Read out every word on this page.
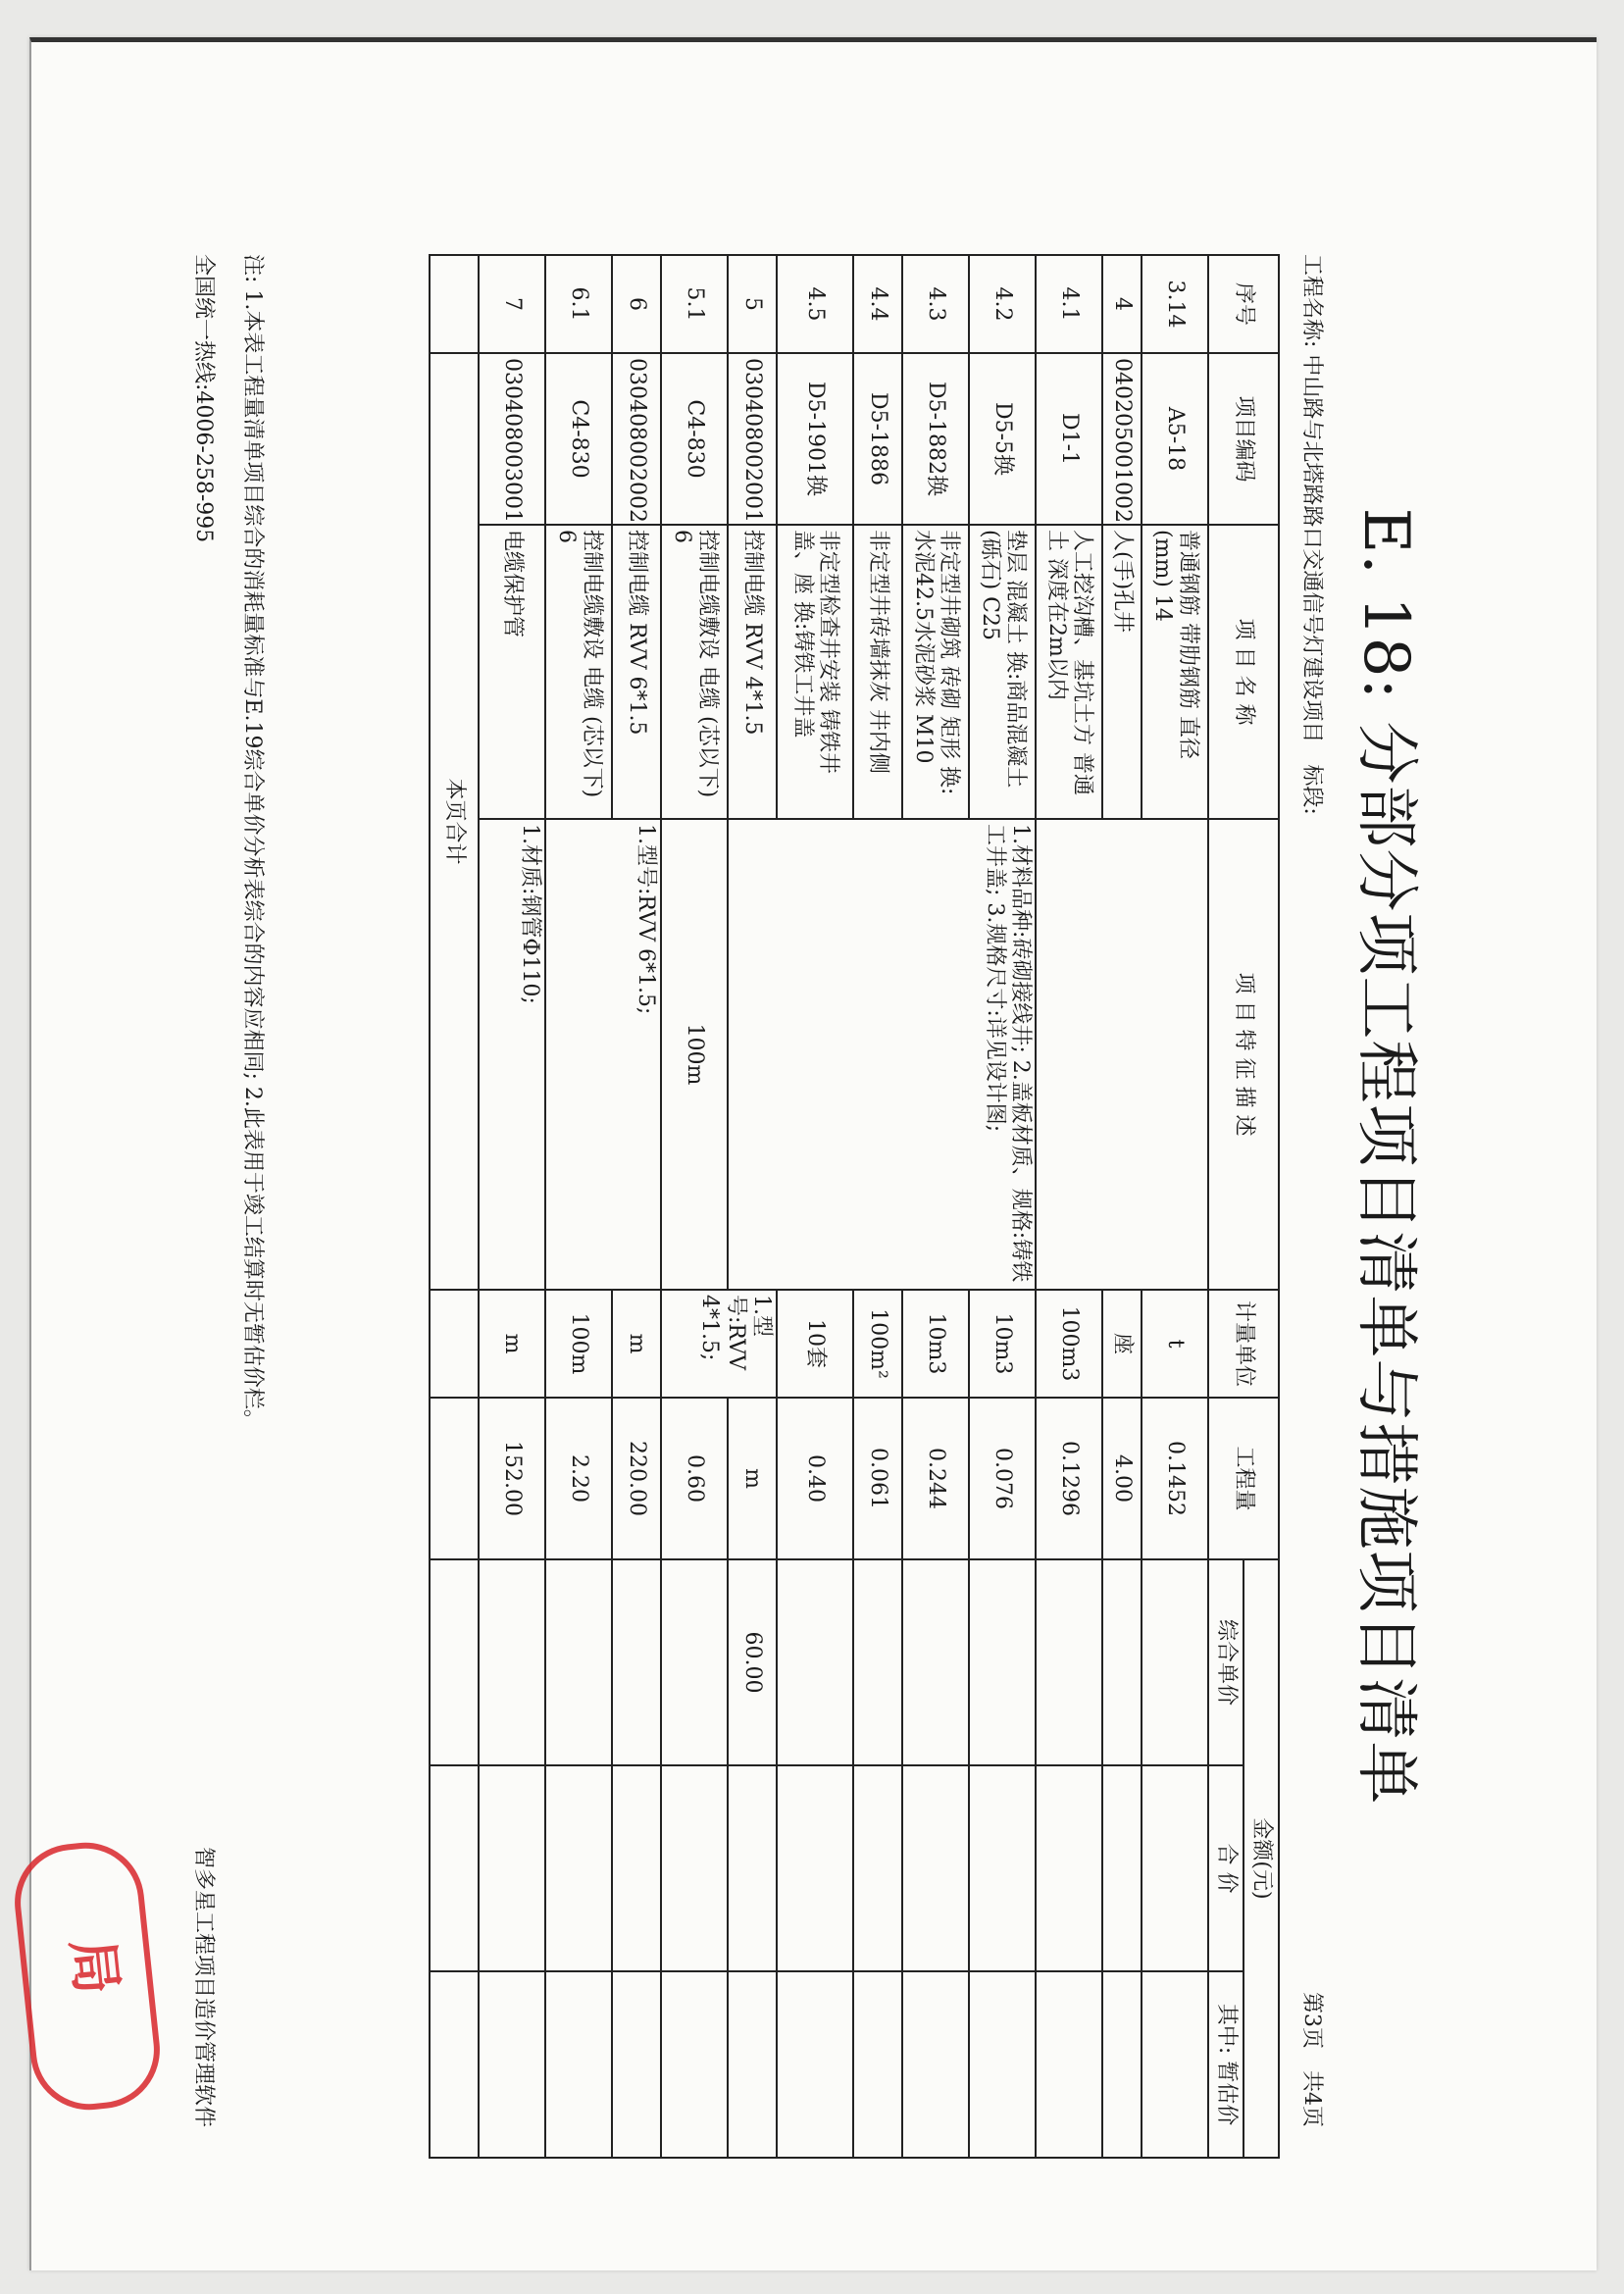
E. 18: 分部分项工程项目清单与措施项目清单
工程名称: 中山路与北塔路路口交通信号灯建设项目　标段:
第3页　共4页
序号	项目编码	项 目 名 称	项 目 特 征 描 述	计量单位	工程量	金额(元)			
						综合单价	合 价	其中: 暂估价	
3.14	A5-18	普通钢筋 带肋钢筋 直径(mm) 14		t	0.1452				
4	040205001002	人(手)孔井		座	4.00				
4.1	D1-1	人工挖沟槽、基坑土方 普通土 深度在2m以内		100m3	0.1296				
4.2	D5-5换	垫层 混凝土 换:商品混凝土 (砾石) C25	1.材料品种:砖砌接线井; 2.盖板材质、规格:铸铁工井盖; 3.规格尺寸:详见设计图;	10m3	0.076				
4.3	D5-1882换	非定型井砌筑 砖砌 矩形 换:水泥42.5水泥砂浆 M10		10m3	0.244				
4.4	D5-1886	非定型井砖墙抹灰 井内侧		100m²	0.061				
4.5	D5-1901换	非定型检查井安装 铸铁井盖、座 换:铸铁工井盖		10套	0.40				
5	030408002001	控制电缆 RVV 4*1.5		1.型号:RVV 4*1.5;	m	60.00			
5.1	C4-830	控制电缆敷设 电缆 (芯以下) 6	100m		0.60				
6	030408002002	控制电缆 RVV 6*1.5	1.型号:RVV 6*1.5;	m	220.00				
6.1	C4-830	控制电缆敷设 电缆 (芯以下) 6		100m	2.20				
7	030408003001	电缆保护管	1.材质:钢管Φ110;	m	152.00				
	本页合计								
注: 1.本表工程量清单项目综合的消耗量标准与E.19综合单价分析表综合的内容应相同; 2.此表用于竣工结算时无暂估价栏。
全国统一热线:4006-258-995
智多星工程项目造价管理软件
局
